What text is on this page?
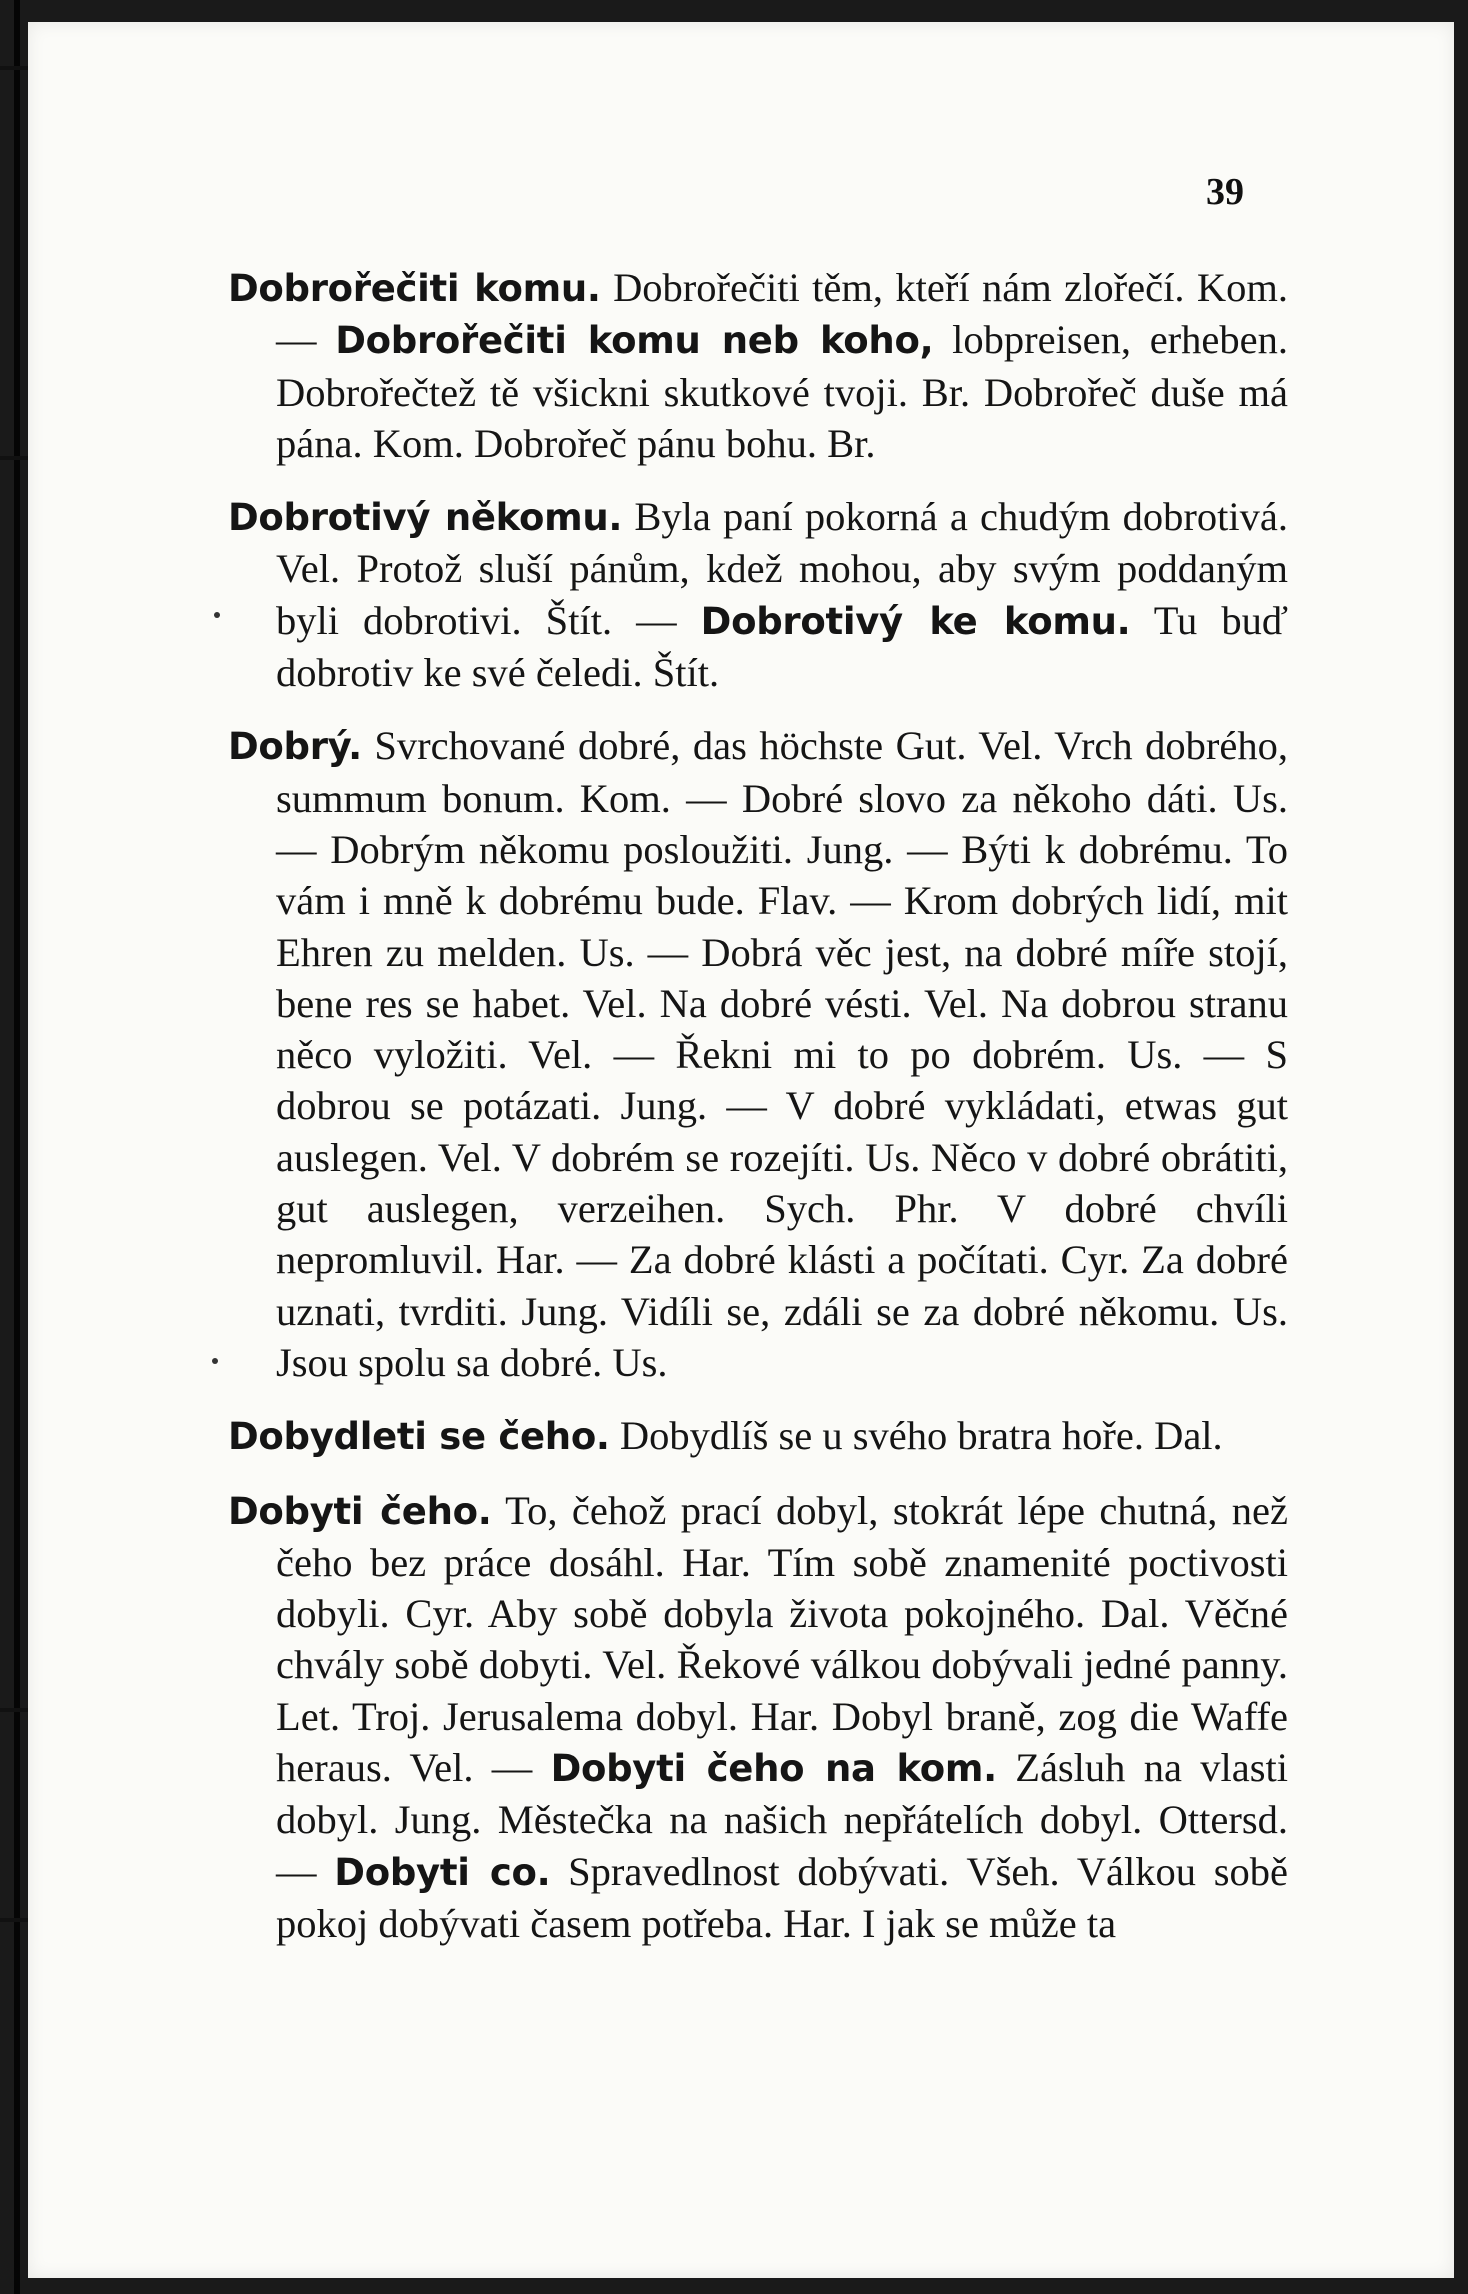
39

Dobrořečiti komu. Dobrořečiti těm, kteří nám zlořečí. Kom. — Dobrořečiti komu neb koho, lobpreisen, erheben. Dobrořečtež tě všickni skutkové tvoji. Br. Dobrořeč duše má pána. Kom. Dobrořeč pánu bohu. Br.

Dobrotivý někomu. Byla paní pokorná a chudým dobrotivá. Vel. Protož sluší pánům, kdež mohou, aby svým poddaným byli dobrotivi. Štít. — Dobrotivý ke komu. Tu buď dobrotiv ke své čeledi. Štít.

Dobrý. Svrchované dobré, das höchste Gut. Vel. Vrch dobrého, summum bonum. Kom. — Dobré slovo za někoho dáti. Us. — Dobrým někomu posloužiti. Jung. — Býti k dobrému. To vám i mně k dobrému bude. Flav. — Krom dobrých lidí, mit Ehren zu melden. Us. — Dobrá věc jest, na dobré míře stojí, bene res se habet. Vel. Na dobré vésti. Vel. Na dobrou stranu něco vyložiti. Vel. — Řekni mi to po dobrém. Us. — S dobrou se potázati. Jung. — V dobré vykládati, etwas gut auslegen. Vel. V dobrém se rozejíti. Us. Něco v dobré obrátiti, gut auslegen, verzeihen. Sych. Phr. V dobré chvíli nepromluvil. Har. — Za dobré klásti a počítati. Cyr. Za dobré uznati, tvrditi. Jung. Vidíli se, zdáli se za dobré někomu. Us. Jsou spolu sa dobré. Us.

Dobydleti se čeho. Dobydlíš se u svého bratra hoře. Dal.

Dobyti čeho. To, čehož prací dobyl, stokrát lépe chutná, než čeho bez práce dosáhl. Har. Tím sobě znamenité poctivosti dobyli. Cyr. Aby sobě dobyla života pokojného. Dal. Věčné chvály sobě dobyti. Vel. Řekové válkou dobývali jedné panny. Let. Troj. Jerusalema dobyl. Har. Dobyl braně, zog die Waffe heraus. Vel. — Dobyti čeho na kom. Zásluh na vlasti dobyl. Jung. Městečka na našich nepřátelích dobyl. Ottersd. — Dobyti co. Spravedlnost dobývati. Všeh. Válkou sobě pokoj dobývati časem potřeba. Har. I jak se může ta
